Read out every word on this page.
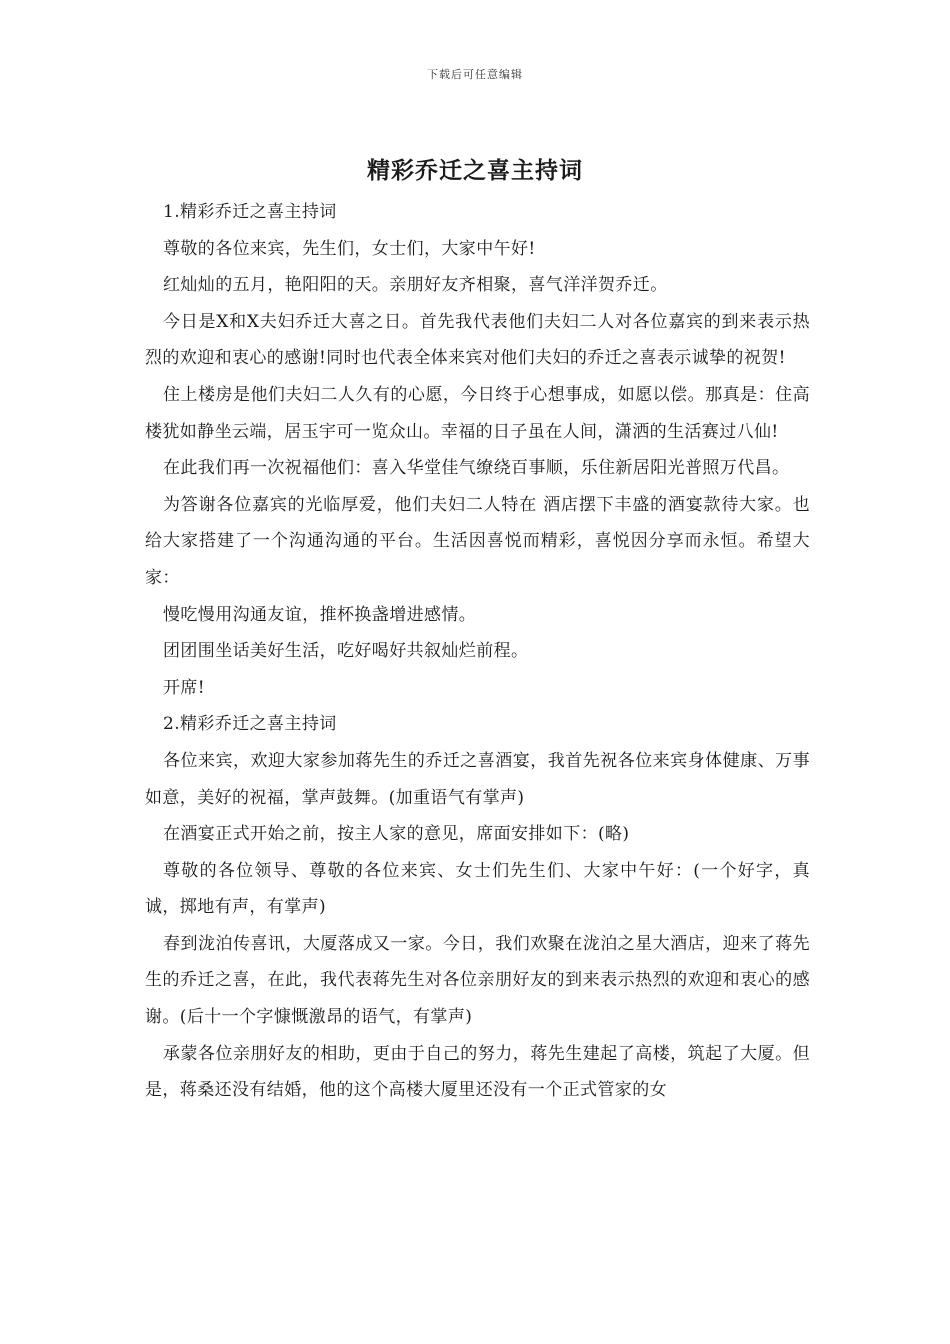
下载后可任意编辑
精彩乔迁之喜主持词

1.精彩乔迁之喜主持词

尊敬的各位来宾，先生们，女士们，大家中午好!

红灿灿的五月，艳阳阳的天。亲朋好友齐相聚，喜气洋洋贺乔迁。

今日是X和X夫妇乔迁大喜之日。首先我代表他们夫妇二人对各位嘉宾的到来表示热烈的欢迎和衷心的感谢!同时也代表全体来宾对他们夫妇的乔迁之喜表示诚挚的祝贺!

住上楼房是他们夫妇二人久有的心愿，今日终于心想事成，如愿以偿。那真是：住高楼犹如静坐云端，居玉宇可一览众山。幸福的日子虽在人间，潇洒的生活赛过八仙!

在此我们再一次祝福他们：喜入华堂佳气缭绕百事顺，乐住新居阳光普照万代昌。

为答谢各位嘉宾的光临厚爱，他们夫妇二人特在 酒店摆下丰盛的酒宴款待大家。也给大家搭建了一个沟通沟通的平台。生活因喜悦而精彩，喜悦因分享而永恒。希望大家：

慢吃慢用沟通友谊，推杯换盏增进感情。

团团围坐话美好生活，吃好喝好共叙灿烂前程。

开席!

2.精彩乔迁之喜主持词

各位来宾，欢迎大家参加蒋先生的乔迁之喜酒宴，我首先祝各位来宾身体健康、万事如意，美好的祝福，掌声鼓舞。(加重语气有掌声)

在酒宴正式开始之前，按主人家的意见，席面安排如下：(略)

尊敬的各位领导、尊敬的各位来宾、女士们先生们、大家中午好：(一个好字，真诚，掷地有声，有掌声)

春到泷泊传喜讯，大厦落成又一家。今日，我们欢聚在泷泊之星大酒店，迎来了蒋先生的乔迁之喜，在此，我代表蒋先生对各位亲朋好友的到来表示热烈的欢迎和衷心的感谢。(后十一个字慷慨激昂的语气，有掌声)

承蒙各位亲朋好友的相助，更由于自己的努力，蒋先生建起了高楼，筑起了大厦。但是，蒋桑还没有结婚，他的这个高楼大厦里还没有一个正式管家的女
